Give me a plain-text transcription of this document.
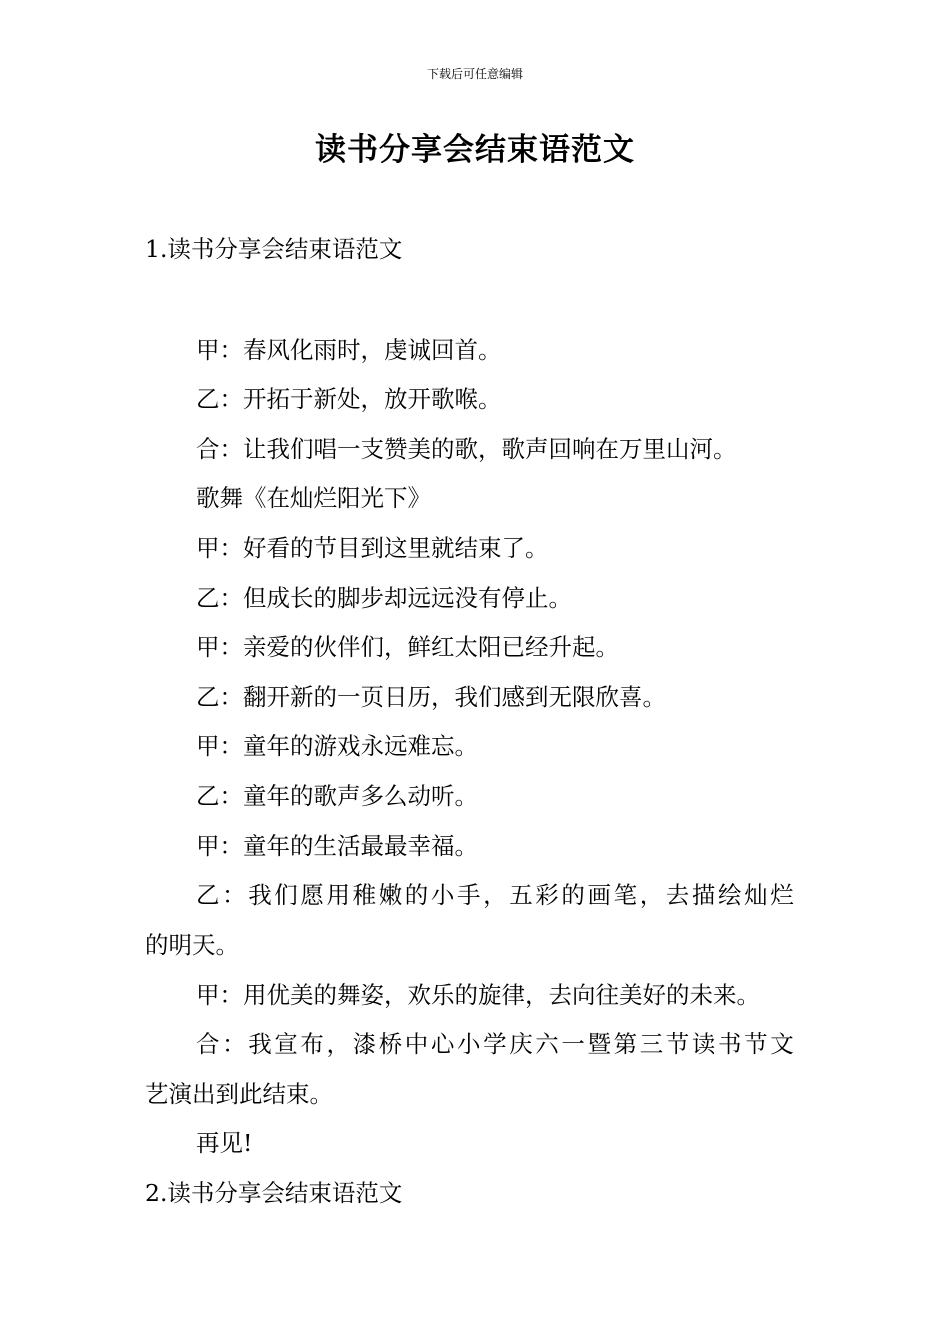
下载后可任意编辑
读书分享会结束语范文
1.读书分享会结束语范文
甲：春风化雨时，虔诚回首。
乙：开拓于新处，放开歌喉。
合：让我们唱一支赞美的歌，歌声回响在万里山河。
歌舞《在灿烂阳光下》
甲：好看的节目到这里就结束了。
乙：但成长的脚步却远远没有停止。
甲：亲爱的伙伴们，鲜红太阳已经升起。
乙：翻开新的一页日历，我们感到无限欣喜。
甲：童年的游戏永远难忘。
乙：童年的歌声多么动听。
甲：童年的生活最最幸福。
乙：我们愿用稚嫩的小手，五彩的画笔，去描绘灿烂
的明天。
甲：用优美的舞姿，欢乐的旋律，去向往美好的未来。
合：我宣布，漆桥中心小学庆六一暨第三节读书节文
艺演出到此结束。
再见!
2.读书分享会结束语范文
